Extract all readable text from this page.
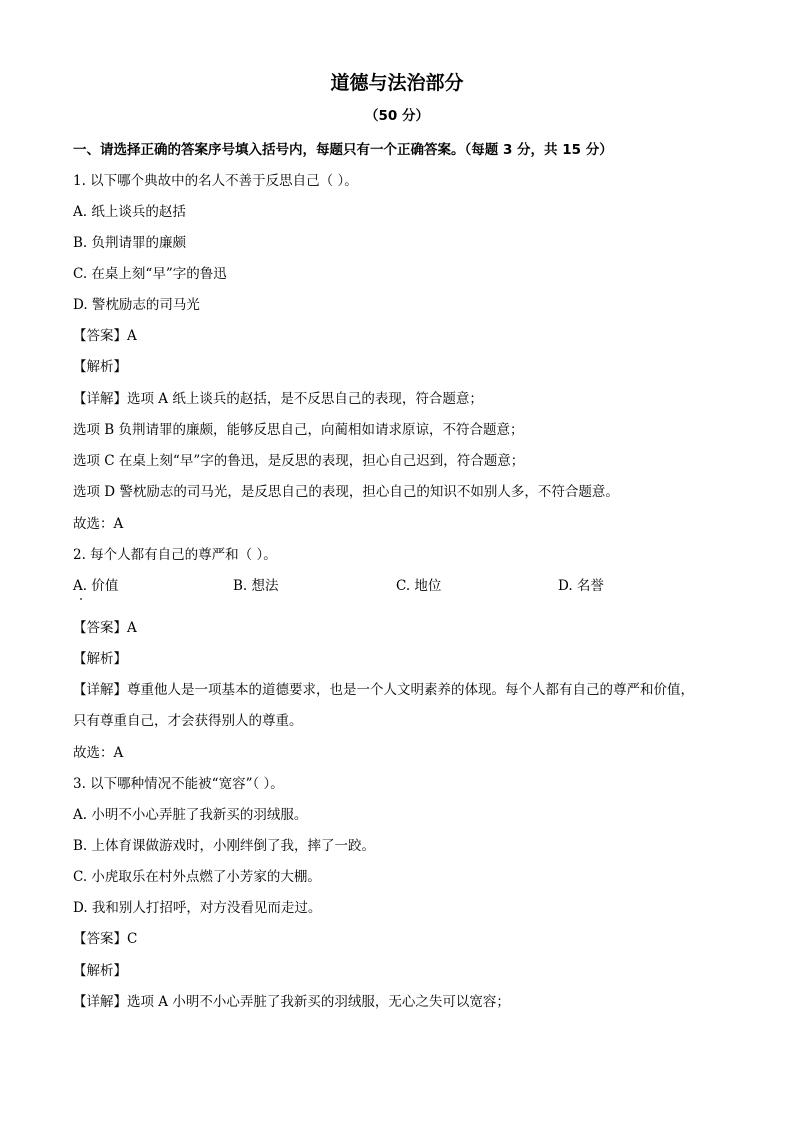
道德与法治部分
（50 分）
一、请选择正确的答案序号填入括号内，每题只有一个正确答案。（每题 3 分，共 15 分）
1. 以下哪个典故中的名人不善于反思自己（ ）。
A. 纸上谈兵的赵括
B. 负荆请罪的廉颇
C. 在桌上刻“早”字的鲁迅
D. 警枕励志的司马光
【答案】A
【解析】
【详解】选项 A 纸上谈兵的赵括，是不反思自己的表现，符合题意；
选项 B 负荆请罪的廉颇，能够反思自己，向蔺相如请求原谅，不符合题意；
选项 C 在桌上刻“早”字的鲁迅，是反思的表现，担心自己迟到，符合题意；
选项 D 警枕励志的司马光，是反思自己的表现，担心自己的知识不如别人多，不符合题意。
故选：A
2. 每个人都有自己的尊严和（ ）。
A. 价值	B. 想法	C. 地位	D. 名誉
【答案】A
【解析】
【详解】尊重他人是一项基本的道德要求，也是一个人文明素养的体现。每个人都有自己的尊严和价值，
只有尊重自己，才会获得别人的尊重。
故选：A
3. 以下哪种情况不能被“宽容”（ ）。
A. 小明不小心弄脏了我新买的羽绒服。
B. 上体育课做游戏时，小刚绊倒了我，摔了一跤。
C. 小虎取乐在村外点燃了小芳家的大棚。
D. 我和别人打招呼，对方没看见而走过。
【答案】C
【解析】
【详解】选项 A 小明不小心弄脏了我新买的羽绒服，无心之失可以宽容；
